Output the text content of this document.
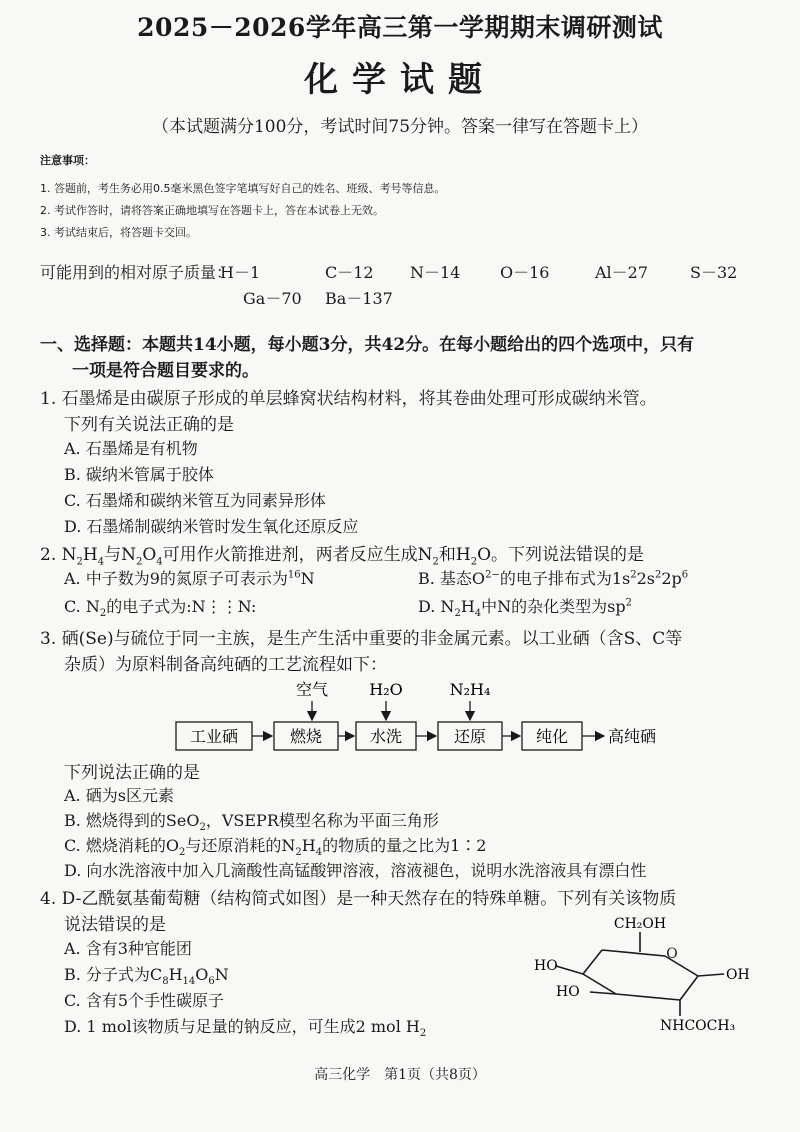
2025－2026学年高三第一学期期末调研测试
化学试题
（本试题满分100分，考试时间75分钟。答案一律写在答题卡上）
注意事项：
1. 答题前，考生务必用0.5毫米黑色签字笔填写好自己的姓名、班级、考号等信息。
2. 考试作答时，请将答案正确地填写在答题卡上，答在本试卷上无效。
3. 考试结束后，将答题卡交回。
可能用到的相对原子质量：
H－1	C－12 N－14 O－16	Al－27	S－32
Ga－70 Ba－137
一、选择题：本题共14小题，每小题3分，共42分。在每小题给出的四个选项中，只有
一项是符合题目要求的。
1. 石墨烯是由碳原子形成的单层蜂窝状结构材料，将其卷曲处理可形成碳纳米管。
下列有关说法正确的是
A. 石墨烯是有机物
B. 碳纳米管属于胶体
C. 石墨烯和碳纳米管互为同素异形体
D. 石墨烯制碳纳米管时发生氧化还原反应
2. $N_2H_4$与$N_2O_4$可用作火箭推进剂，两者反应生成$N_2$和$H_2O$。下列说法错误的是
A. 中子数为9的氮原子可表示为$^{16}$N	B. 基态$O^{2-}$的电子排布式为$1s^22s^22p^6$
C. $N_2$的电子式为:N⋮⋮N:	D. $N_2H_4$中N的杂化类型为$sp^2$
3. 硒(Se)与硫位于同一主族，是生产生活中重要的非金属元素。以工业硒（含S、C等
杂质）为原料制备高纯硒的工艺流程如下：
空气	H₂O	N₂H₄
工业硒	燃烧	水洗	还原	纯化 高纯硒
下列说法正确的是
A. 硒为s区元素
B. 燃烧得到的SeO$_2$，VSEPR模型名称为平面三角形
C. 燃烧消耗的$O_2$与还原消耗的$N_2H_4$的物质的量之比为1∶2
D. 向水洗溶液中加入几滴酸性高锰酸钾溶液，溶液褪色，说明水洗溶液具有漂白性
4. D-乙酰氨基葡萄糖（结构简式如图）是一种天然存在的特殊单糖。下列有关该物质
说法错误的是
A. 含有3种官能团
B. 分子式为$C_8H_{14}O_6N$
C. 含有5个手性碳原子
D. 1 mol该物质与足量的钠反应，可生成2 mol $H_2$
CH₂OH
O
HO
HO
OH
NHCOCH₃
高三化学　第1页（共8页）
